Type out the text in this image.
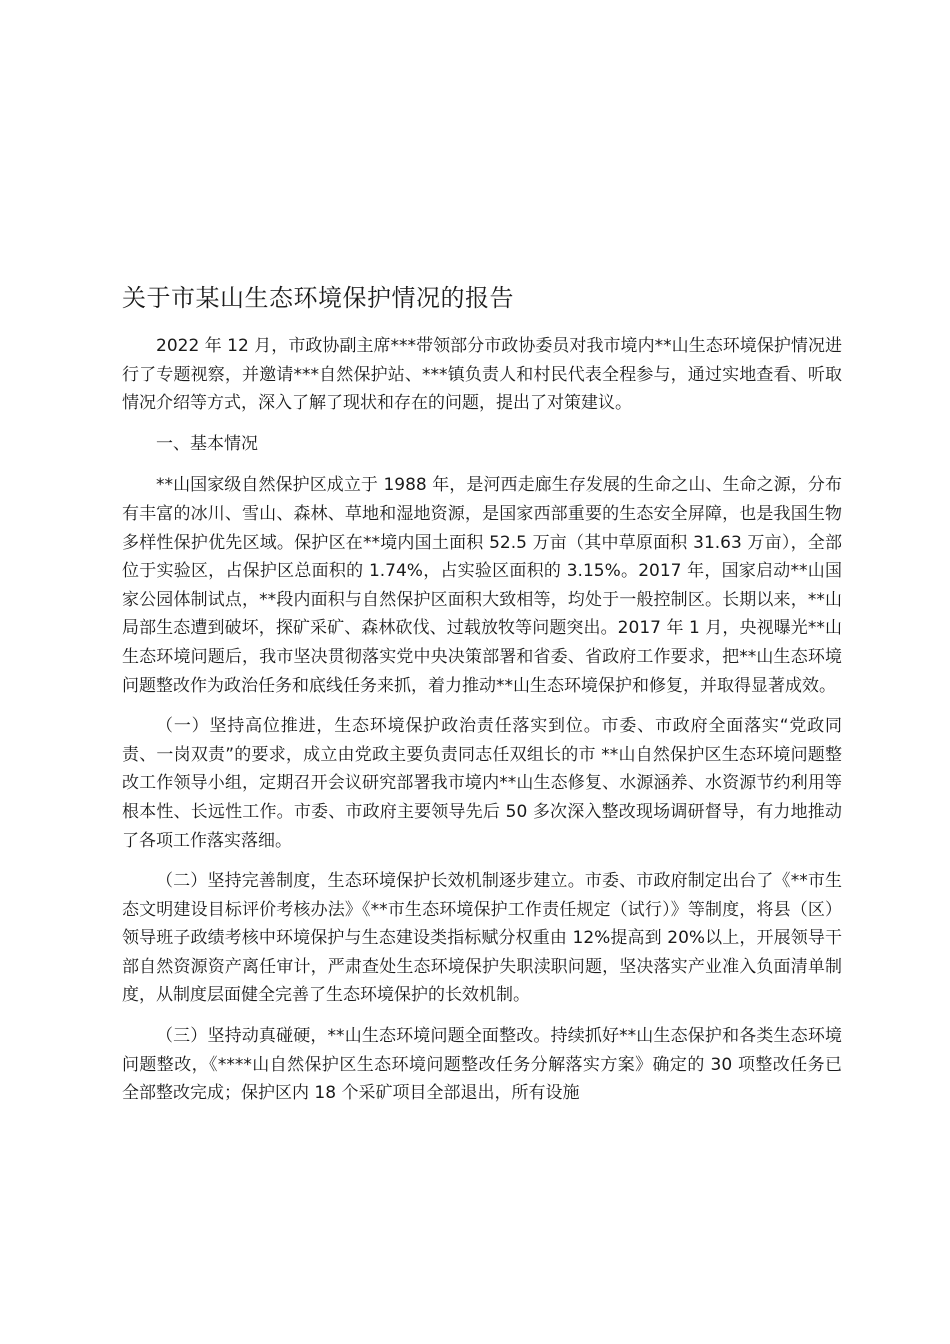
关于市某山生态环境保护情况的报告

2022 年 12 月，市政协副主席***带领部分市政协委员对我市境内**山生态环境保护情况进行了专题视察，并邀请***自然保护站、***镇负责人和村民代表全程参与，通过实地查看、听取情况介绍等方式，深入了解了现状和存在的问题，提出了对策建议。

一、基本情况

**山国家级自然保护区成立于 1988 年，是河西走廊生存发展的生命之山、生命之源，分布有丰富的冰川、雪山、森林、草地和湿地资源，是国家西部重要的生态安全屏障，也是我国生物多样性保护优先区域。保护区在**境内国土面积 52.5 万亩（其中草原面积 31.63 万亩），全部位于实验区，占保护区总面积的 1.74%，占实验区面积的 3.15%。2017 年，国家启动**山国家公园体制试点，**段内面积与自然保护区面积大致相等，均处于一般控制区。长期以来，**山局部生态遭到破坏，探矿采矿、森林砍伐、过载放牧等问题突出。2017 年 1 月，央视曝光**山生态环境问题后，我市坚决贯彻落实党中央决策部署和省委、省政府工作要求，把**山生态环境问题整改作为政治任务和底线任务来抓，着力推动**山生态环境保护和修复，并取得显著成效。

（一）坚持高位推进，生态环境保护政治责任落实到位。市委、市政府全面落实“党政同责、一岗双责”的要求，成立由党政主要负责同志任双组长的市 **山自然保护区生态环境问题整改工作领导小组，定期召开会议研究部署我市境内**山生态修复、水源涵养、水资源节约利用等根本性、长远性工作。市委、市政府主要领导先后 50 多次深入整改现场调研督导，有力地推动了各项工作落实落细。

（二）坚持完善制度，生态环境保护长效机制逐步建立。市委、市政府制定出台了《**市生态文明建设目标评价考核办法》《**市生态环境保护工作责任规定（试行）》等制度，将县（区）领导班子政绩考核中环境保护与生态建设类指标赋分权重由 12%提高到 20%以上，开展领导干部自然资源资产离任审计，严肃查处生态环境保护失职渎职问题，坚决落实产业准入负面清单制度，从制度层面健全完善了生态环境保护的长效机制。

（三）坚持动真碰硬，**山生态环境问题全面整改。持续抓好**山生态保护和各类生态环境问题整改，《****山自然保护区生态环境问题整改任务分解落实方案》确定的 30 项整改任务已全部整改完成；保护区内 18 个采矿项目全部退出，所有设施
